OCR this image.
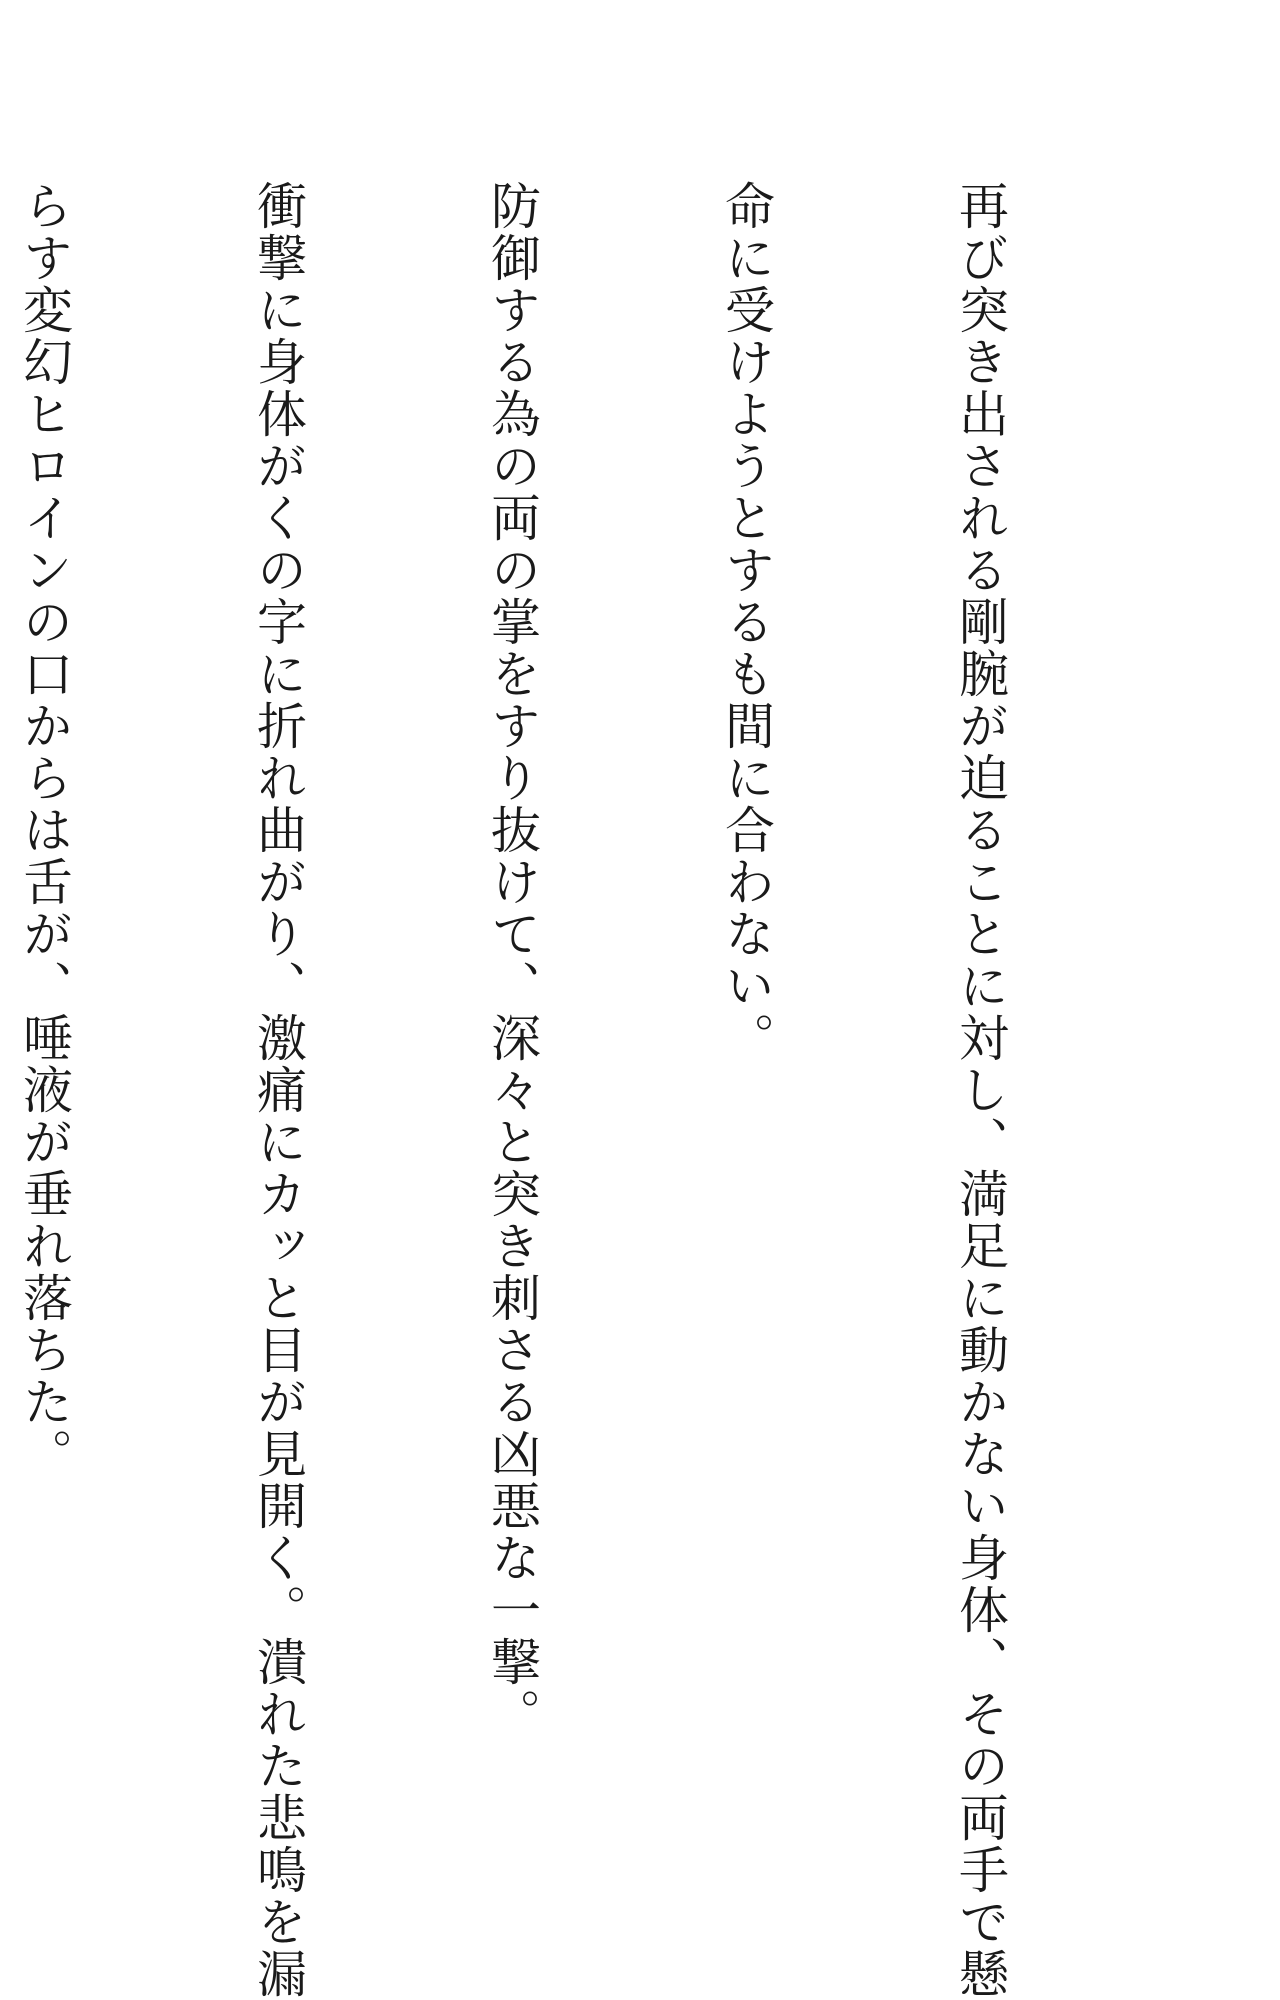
再び突き出される剛腕が迫ることに対し、満足に動かない身体、その両手で懸

命に受けようとするも間に合わない。

防御する為の両の掌をすり抜けて、深々と突き刺さる凶悪な一撃。

衝撃に身体がくの字に折れ曲がり、激痛にカッと目が見開く。潰れた悲鳴を漏

らす変幻ヒロインの口からは舌が、唾液が垂れ落ちた。
